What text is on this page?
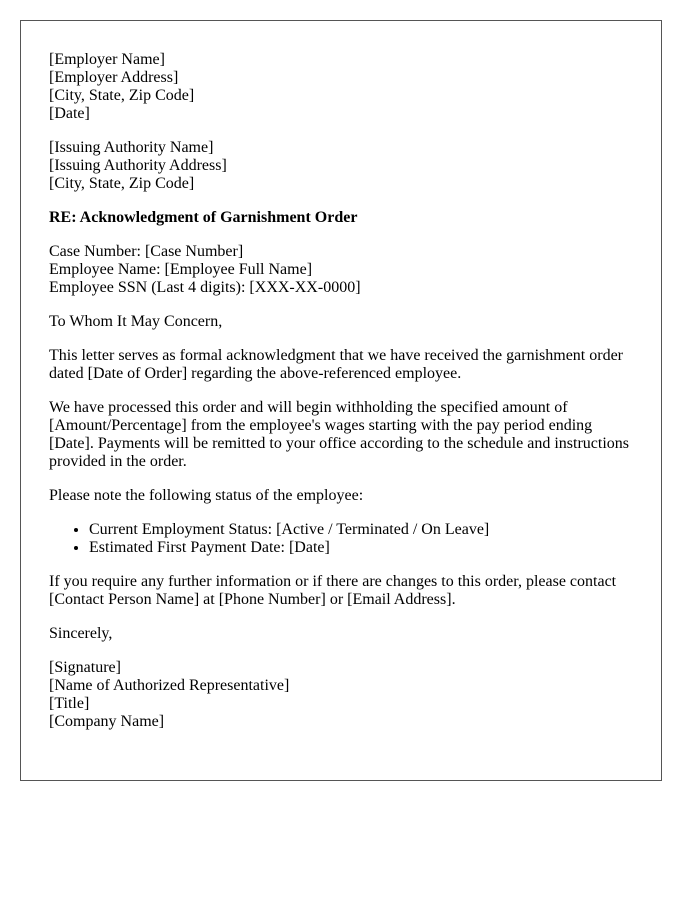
[Employer Name]
[Employer Address]
[City, State, Zip Code]
[Date]
[Issuing Authority Name]
[Issuing Authority Address]
[City, State, Zip Code]
RE: Acknowledgment of Garnishment Order
Case Number: [Case Number]
Employee Name: [Employee Full Name]
Employee SSN (Last 4 digits): [XXX-XX-0000]

To Whom It May Concern,

This letter serves as formal acknowledgment that we have received the garnishment order dated [Date of Order] regarding the above-referenced employee.

We have processed this order and will begin withholding the specified amount of [Amount/Percentage] from the employee's wages starting with the pay period ending [Date]. Payments will be remitted to your office according to the schedule and instructions provided in the order.

Please note the following status of the employee:

• Current Employment Status: [Active / Terminated / On Leave]
• Estimated First Payment Date: [Date]

If you require any further information or if there are changes to this order, please contact [Contact Person Name] at [Phone Number] or [Email Address].

Sincerely,

[Signature]
[Name of Authorized Representative]
[Title]
[Company Name]
